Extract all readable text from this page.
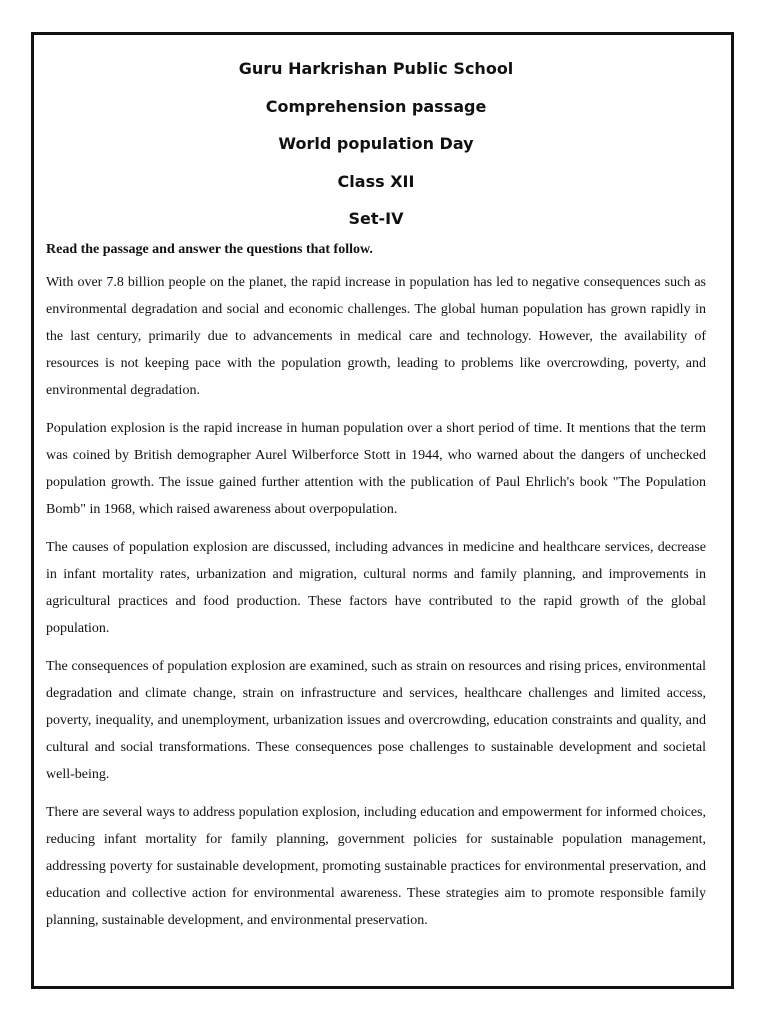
Guru Harkrishan Public School

Comprehension passage

World population Day

Class XII

Set-IV

Read the passage and answer the questions that follow.

With over 7.8 billion people on the planet, the rapid increase in population has led to negative consequences such as environmental degradation and social and economic challenges. The global human population has grown rapidly in the last century, primarily due to advancements in medical care and technology. However, the availability of resources is not keeping pace with the population growth, leading to problems like overcrowding, poverty, and environmental degradation.

Population explosion is the rapid increase in human population over a short period of time. It mentions that the term was coined by British demographer Aurel Wilberforce Stott in 1944, who warned about the dangers of unchecked population growth. The issue gained further attention with the publication of Paul Ehrlich's book "The Population Bomb" in 1968, which raised awareness about overpopulation.

The causes of population explosion are discussed, including advances in medicine and healthcare services, decrease in infant mortality rates, urbanization and migration, cultural norms and family planning, and improvements in agricultural practices and food production. These factors have contributed to the rapid growth of the global population.

The consequences of population explosion are examined, such as strain on resources and rising prices, environmental degradation and climate change, strain on infrastructure and services, healthcare challenges and limited access, poverty, inequality, and unemployment, urbanization issues and overcrowding, education constraints and quality, and cultural and social transformations. These consequences pose challenges to sustainable development and societal well-being.

There are several ways to address population explosion, including education and empowerment for informed choices, reducing infant mortality for family planning, government policies for sustainable population management, addressing poverty for sustainable development, promoting sustainable practices for environmental preservation, and education and collective action for environmental awareness. These strategies aim to promote responsible family planning, sustainable development, and environmental preservation.
